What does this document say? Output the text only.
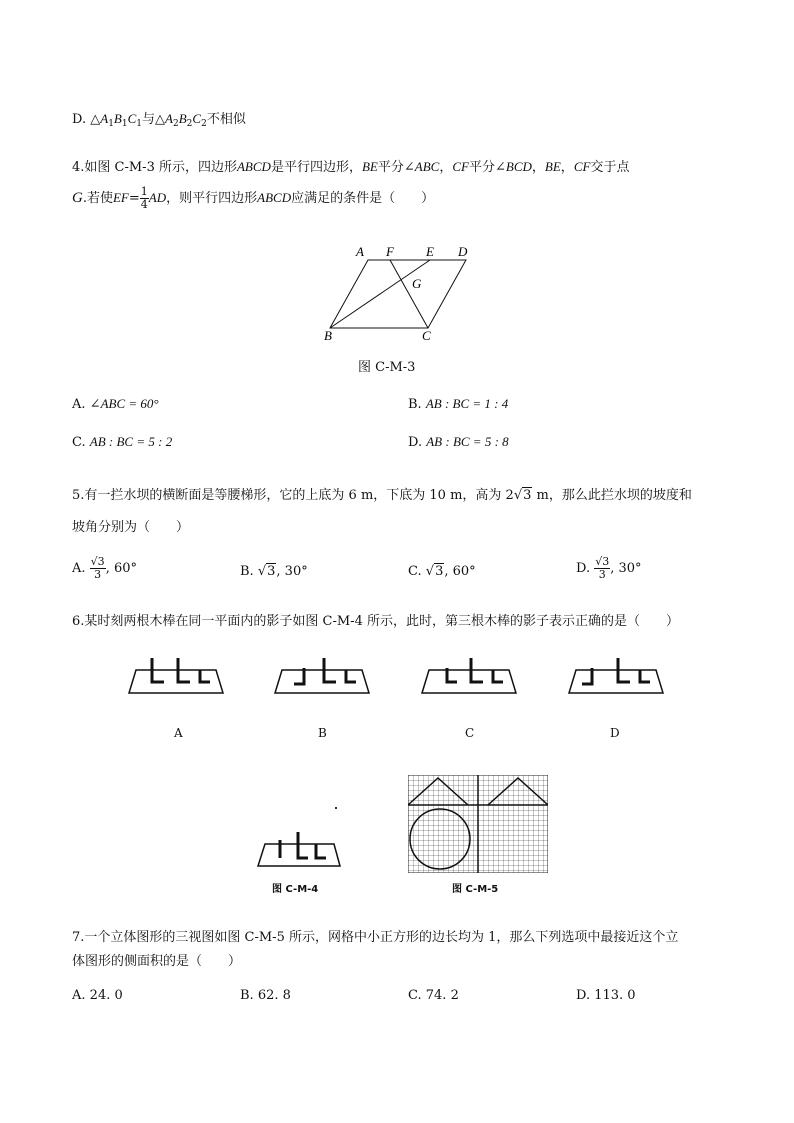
D. $\triangle A_1B_1C_1$与$\triangle A_2B_2C_2$不相似
4.如图 C-M-3 所示，四边形ABCD是平行四边形，BE平分∠ABC，CF平分∠BCD，BE，CF交于点
G.若使$EF= \frac{1}{4}$ AD，则平行四边形ABCD应满足的条件是（　　）
A F E D
G
B	C
图 C-M-3
A. ∠ABC = 60°	B. AB : BC = 1 : 4
C. AB : BC = 5 : 2	D. AB : BC = 5 : 8
5.有一拦水坝的横断面是等腰梯形，它的上底为 6 m，下底为 10 m，高为 2√3 m，那么此拦水坝的坡度和
坡角分别为（　　）
A. $\frac{√3}{3}$ , 60°	B. √3, 30°	C. √3, 60°	D. $\frac{√3}{3}$ , 30°
6.某时刻两根木棒在同一平面内的影子如图 C-M-4 所示，此时，第三根木棒的影子表示正确的是（　　）
A	B	C	D
图 C-M-4	图 C-M-5
7.一个立体图形的三视图如图 C-M-5 所示，网格中小正方形的边长均为 1，那么下列选项中最接近这个立
体图形的侧面积的是（　　）
A. 24. 0	B. 62. 8	C. 74. 2	D. 113. 0
